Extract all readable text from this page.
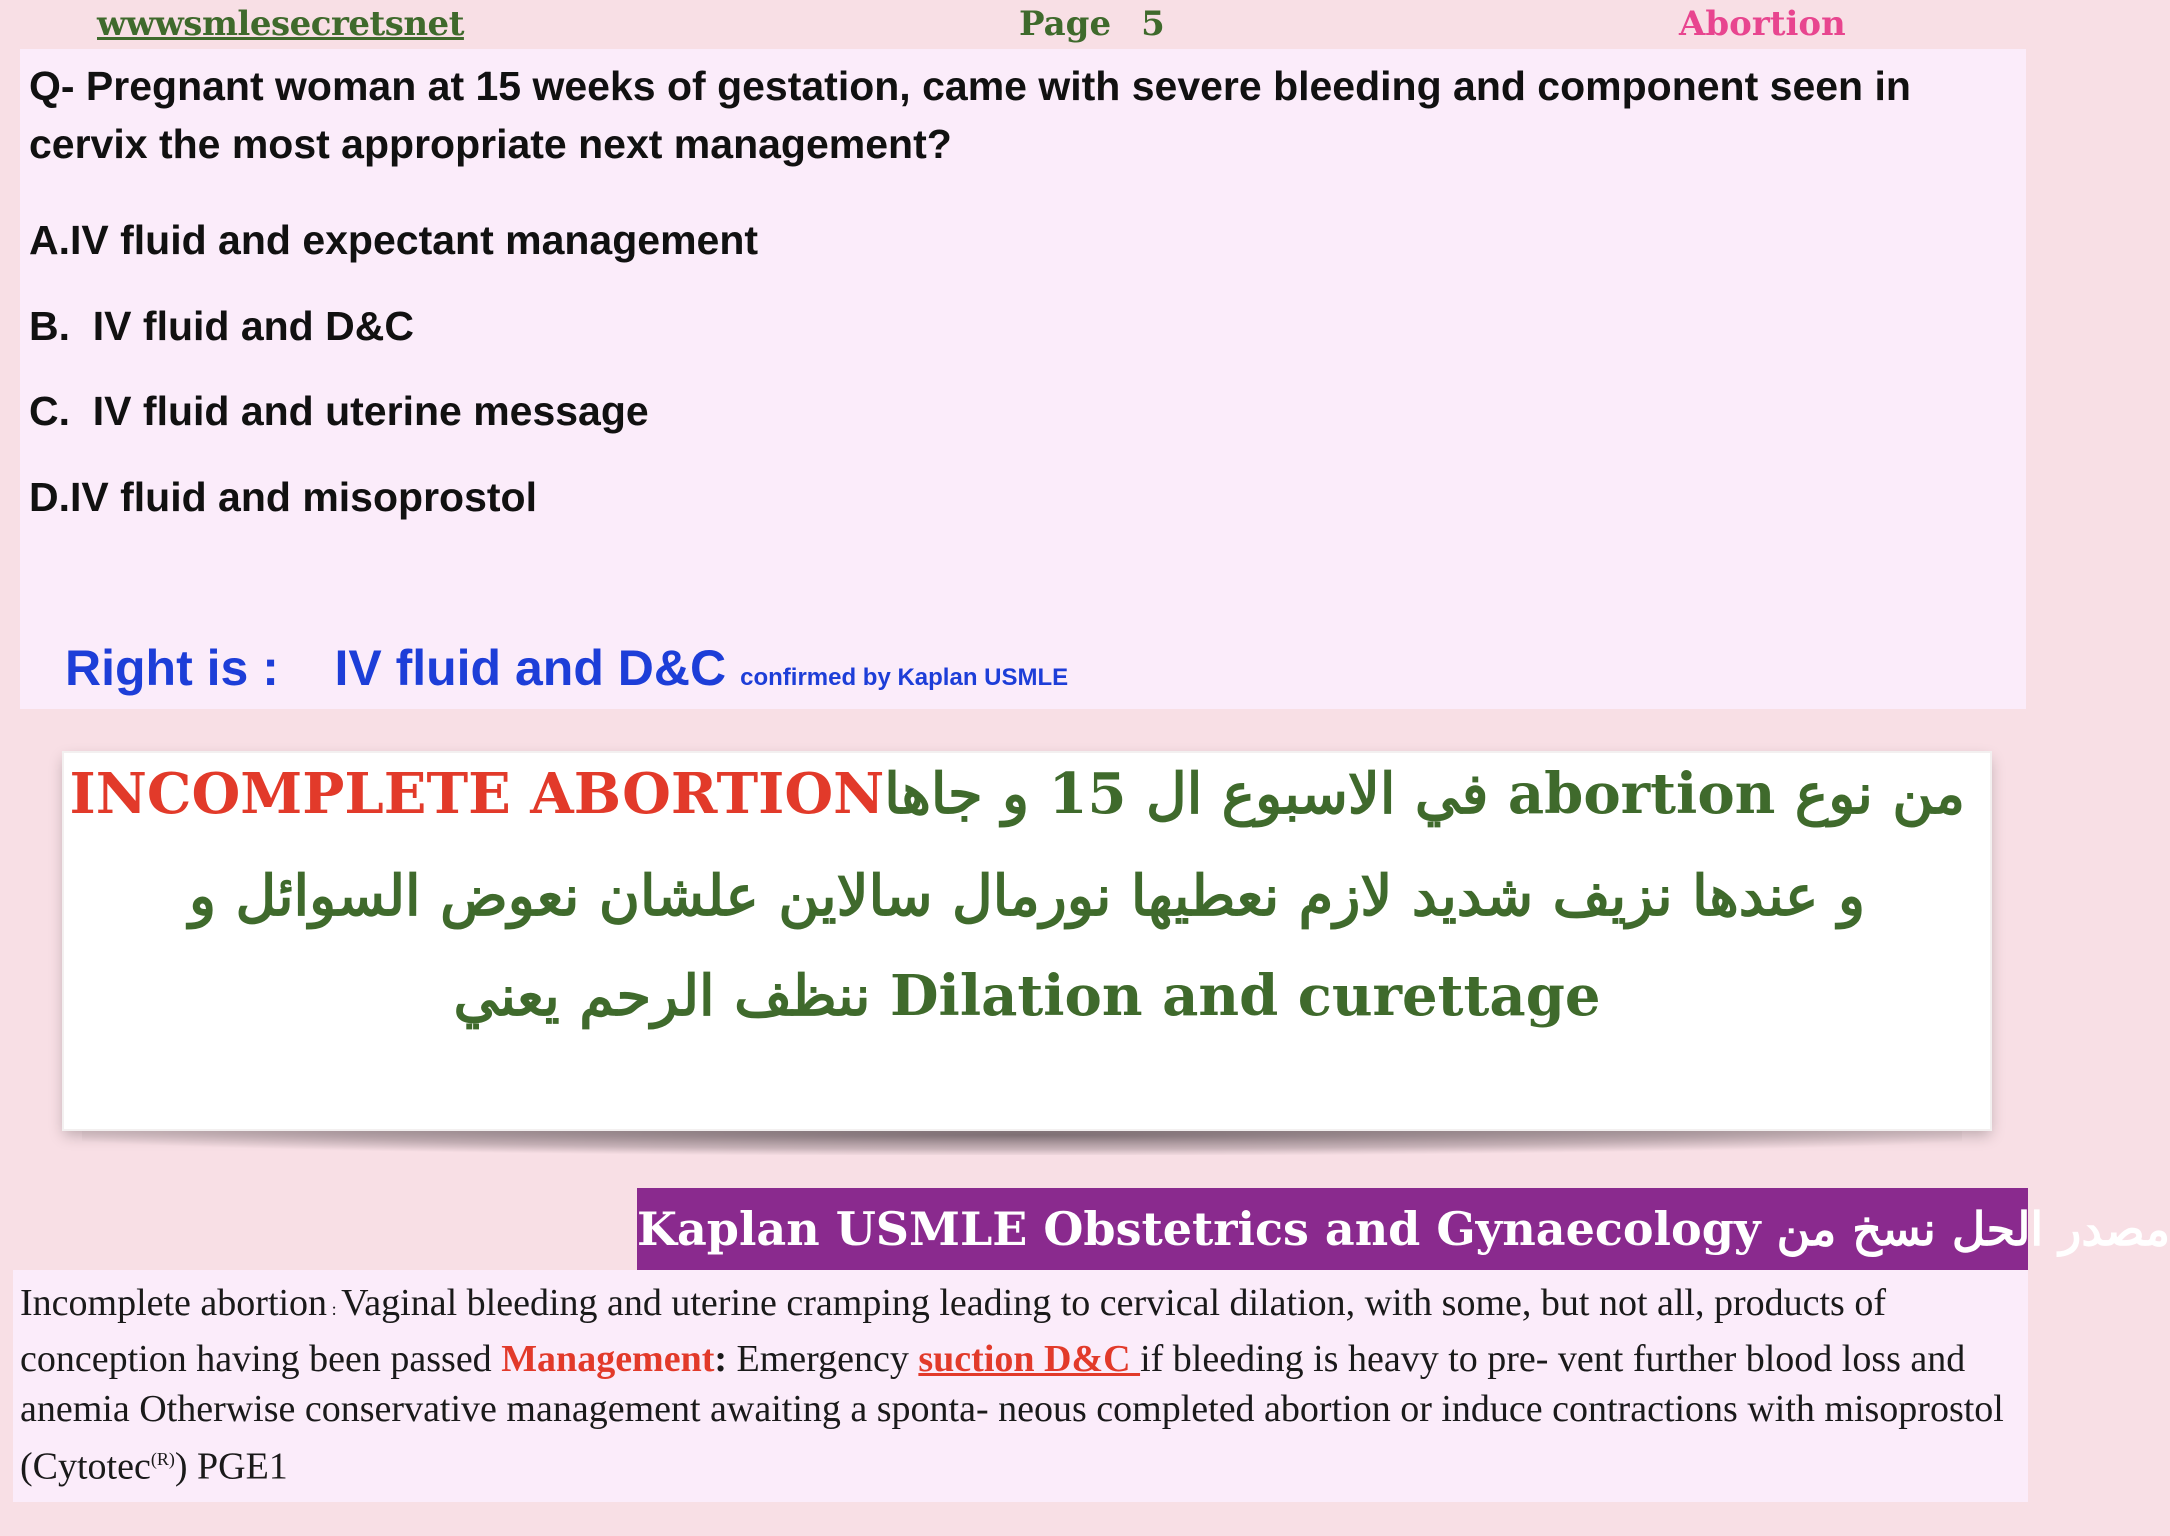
wwwsmlesecretsnet	Page 5	Abortion
Q- Pregnant woman at 15 weeks of gestation, came with severe bleeding and component seen in cervix the most appropriate next management?
A.IV fluid and expectant management
B.  IV fluid and D&C
C.  IV fluid and uterine message
D.IV fluid and misoprostol
Right is : IV fluid and D&C confirmed by Kaplan USMLE
INCOMPLETE ABORTION من نوع abortion في الاسبوع ال 15 و جاها
و عندها نزيف شديد لازم نعطيها نورمال سالاين علشان نعوض السوائل و
Dilation and curettage ننظف الرحم يعني
Kaplan USMLE Obstetrics and Gynaecology مصدر الحل نسخ من
Incomplete abortion : Vaginal bleeding and uterine cramping leading to cervical dilation, with some, but not all, products of conception having been passed Management: Emergency suction D&C if bleeding is heavy to pre- vent further blood loss and anemia Otherwise conservative management awaiting a sponta- neous completed abortion or induce contractions with misoprostol (Cytotec$^{(R)}$) PGE1
